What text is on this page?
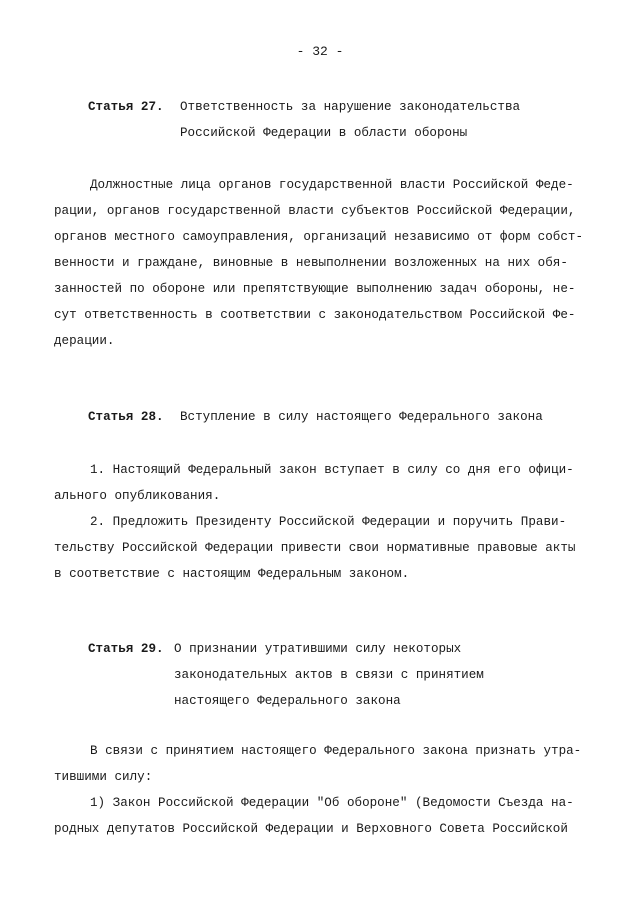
- 32 -
Статья 27. Ответственность за нарушение законодательства
Российской Федерации в области обороны
Должностные лица органов государственной власти Российской Феде-
рации, органов государственной власти субъектов Российской Федерации,
органов местного самоуправления, организаций независимо от форм собст-
венности и граждане, виновные в невыполнении возложенных на них обя-
занностей по обороне или препятствующие выполнению задач обороны, не-
сут ответственность в соответствии с законодательством Российской Фе-
дерации.
Статья 28. Вступление в силу настоящего Федерального закона
1. Настоящий Федеральный закон вступает в силу со дня его офици-
ального опубликования.
2. Предложить Президенту Российской Федерации и поручить Прави-
тельству Российской Федерации привести свои нормативные правовые акты
в соответствие с настоящим Федеральным законом.
Статья 29. О признании утратившими силу некоторых
законодательных актов в связи с принятием
настоящего Федерального закона
В связи с принятием настоящего Федерального закона признать утра-
тившими силу:
1) Закон Российской Федерации "Об обороне" (Ведомости Съезда на-
родных депутатов Российской Федерации и Верховного Совета Российской
